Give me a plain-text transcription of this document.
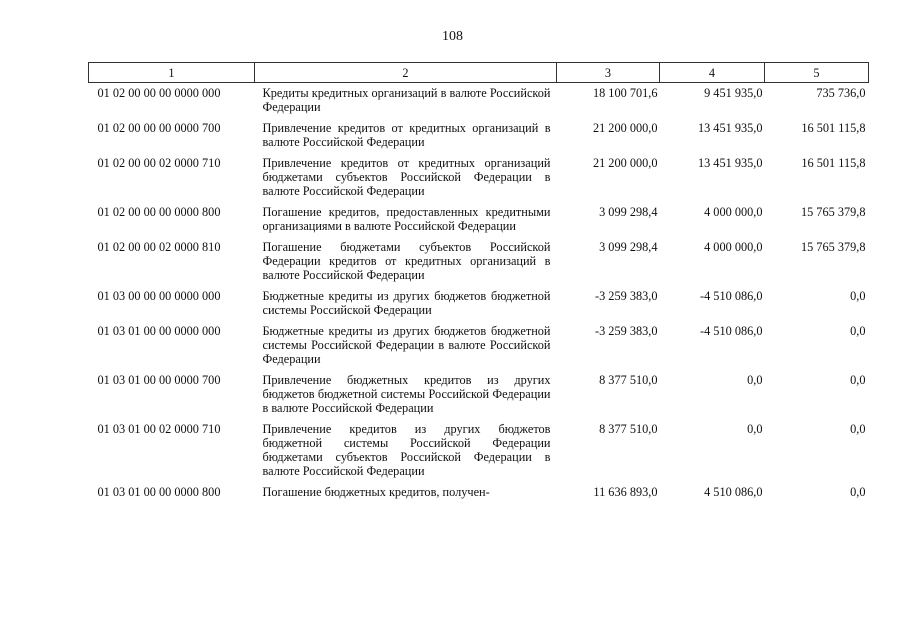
108
1	2	3	4	5
01 02 00 00 00 0000 000	Кредиты кредитных организаций в валюте Российской Федерации	18 100 701,6	9 451 935,0	735 736,0
01 02 00 00 00 0000 700	Привлечение кредитов от кредитных организаций в валюте Российской Федерации	21 200 000,0	13 451 935,0	16 501 115,8
01 02 00 00 02 0000 710	Привлечение кредитов от кредитных организаций бюджетами субъектов Российской Федерации в валюте Российской Федерации	21 200 000,0	13 451 935,0	16 501 115,8
01 02 00 00 00 0000 800	Погашение кредитов, предоставленных кредитными организациями в валюте Российской Федерации	3 099 298,4	4 000 000,0	15 765 379,8
01 02 00 00 02 0000 810	Погашение бюджетами субъектов Российской Федерации кредитов от кредитных организаций в валюте Российской Федерации	3 099 298,4	4 000 000,0	15 765 379,8
01 03 00 00 00 0000 000	Бюджетные кредиты из других бюджетов бюджетной системы Российской Федерации	-3 259 383,0	-4 510 086,0	0,0
01 03 01 00 00 0000 000	Бюджетные кредиты из других бюджетов бюджетной системы Российской Федерации в валюте Российской Федерации	-3 259 383,0	-4 510 086,0	0,0
01 03 01 00 00 0000 700	Привлечение бюджетных кредитов из других бюджетов бюджетной системы Российской Федерации в валюте Российской Федерации	8 377 510,0	0,0	0,0
01 03 01 00 02 0000 710	Привлечение кредитов из других бюджетов бюджетной системы Российской Федерации бюджетами субъектов Российской Федерации в валюте Российской Федерации	8 377 510,0	0,0	0,0
01 03 01 00 00 0000 800	Погашение бюджетных кредитов, получен-	11 636 893,0	4 510 086,0	0,0
